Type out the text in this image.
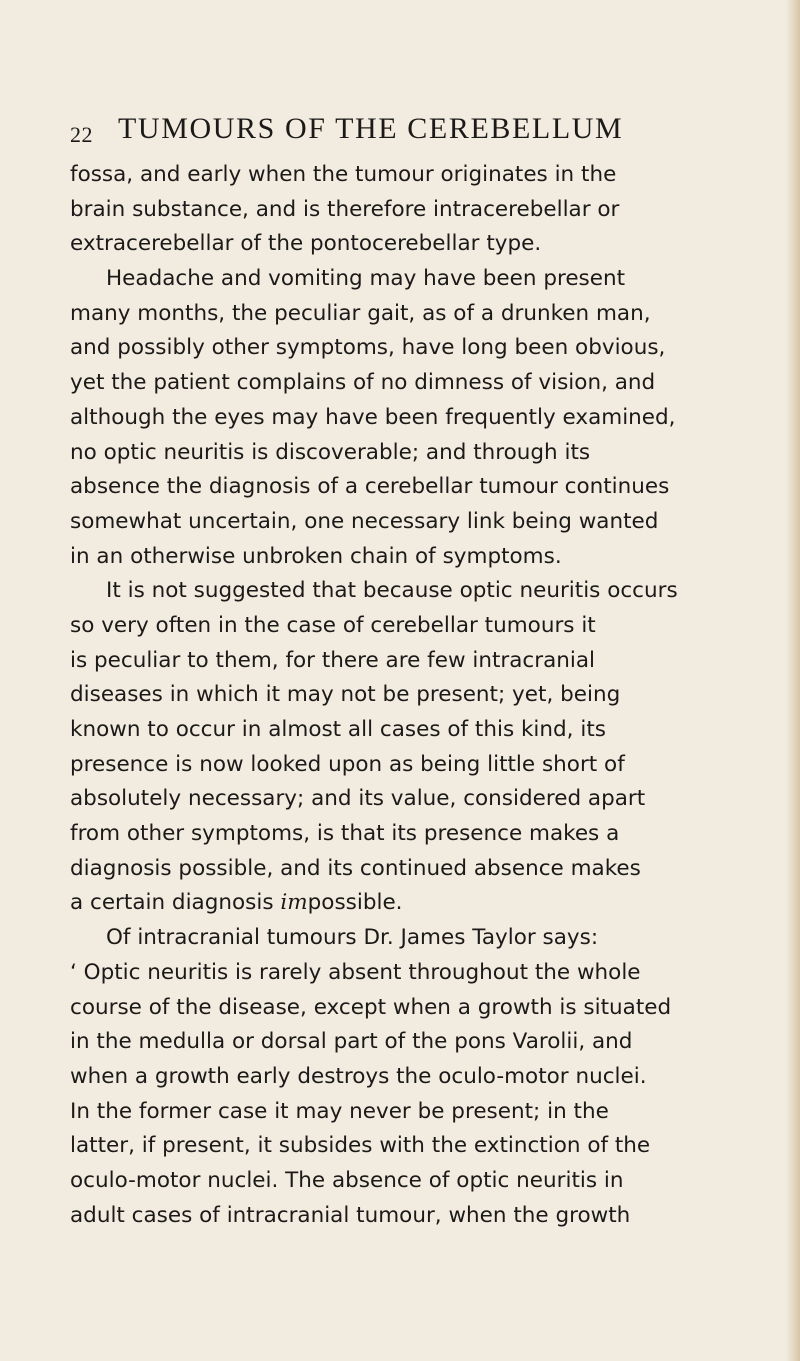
22 TUMOURS OF THE CEREBELLUM
fossa, and early when the tumour originates in the
brain substance, and is therefore intracerebellar or
extracerebellar of the pontocerebellar type.
Headache and vomiting may have been present
many months, the peculiar gait, as of a drunken man,
and possibly other symptoms, have long been obvious,
yet the patient complains of no dimness of vision, and
although the eyes may have been frequently examined,
no optic neuritis is discoverable; and through its
absence the diagnosis of a cerebellar tumour continues
somewhat uncertain, one necessary link being wanted
in an otherwise unbroken chain of symptoms.
It is not suggested that because optic neuritis occurs
so very often in the case of cerebellar tumours it
is peculiar to them, for there are few intracranial
diseases in which it may not be present; yet, being
known to occur in almost all cases of this kind, its
presence is now looked upon as being little short of
absolutely necessary; and its value, considered apart
from other symptoms, is that its presence makes a
diagnosis possible, and its continued absence makes
a certain diagnosis impossible.
Of intracranial tumours Dr. James Taylor says:
‘ Optic neuritis is rarely absent throughout the whole
course of the disease, except when a growth is situated
in the medulla or dorsal part of the pons Varolii, and
when a growth early destroys the oculo-motor nuclei.
In the former case it may never be present; in the
latter, if present, it subsides with the extinction of the
oculo-motor nuclei. The absence of optic neuritis in
adult cases of intracranial tumour, when the growth
